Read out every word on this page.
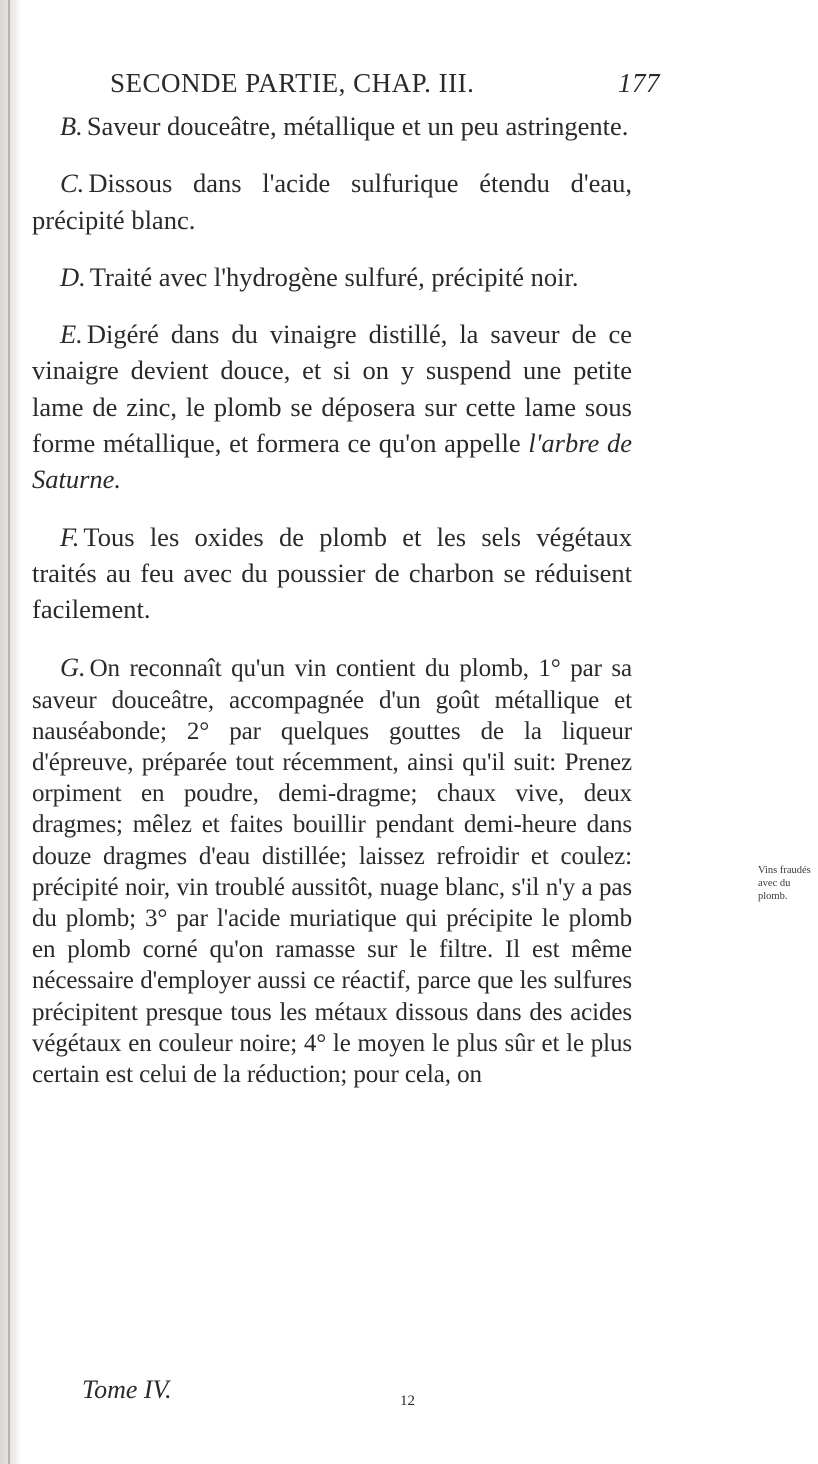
SECONDE PARTIE, CHAP. III.	177

B. Saveur douceâtre, métallique et un peu astringente.

C. Dissous dans l'acide sulfurique étendu d'eau, précipité blanc.

D. Traité avec l'hydrogène sulfuré, précipité noir.

E. Digéré dans du vinaigre distillé, la saveur de ce vinaigre devient douce, et si on y suspend une petite lame de zinc, le plomb se déposera sur cette lame sous forme métallique, et formera ce qu'on appelle l'arbre de Saturne.

F. Tous les oxides de plomb et les sels végétaux traités au feu avec du poussier de charbon se réduisent facilement.

G. On reconnaît qu'un vin contient du plomb, 1° par sa saveur douceâtre, accompagnée d'un goût métallique et nauséabonde; 2° par quelques gouttes de la liqueur d'épreuve, préparée tout récemment, ainsi qu'il suit: Prenez orpiment en poudre, demi-dragme; chaux vive, deux dragmes; mêlez et faites bouillir pendant demi-heure dans douze dragmes d'eau distillée; laissez refroidir et coulez: précipité noir, vin troublé aussitôt, nuage blanc, s'il n'y a pas du plomb; 3° par l'acide muriatique qui précipite le plomb en plomb corné qu'on ramasse sur le filtre. Il est même nécessaire d'employer aussi ce réactif, parce que les sulfures précipitent presque tous les métaux dissous dans des acides végétaux en couleur noire; 4° le moyen le plus sûr et le plus certain est celui de la réduction; pour cela, on

Tome IV.	12
Vins fraudés avec du plomb.
